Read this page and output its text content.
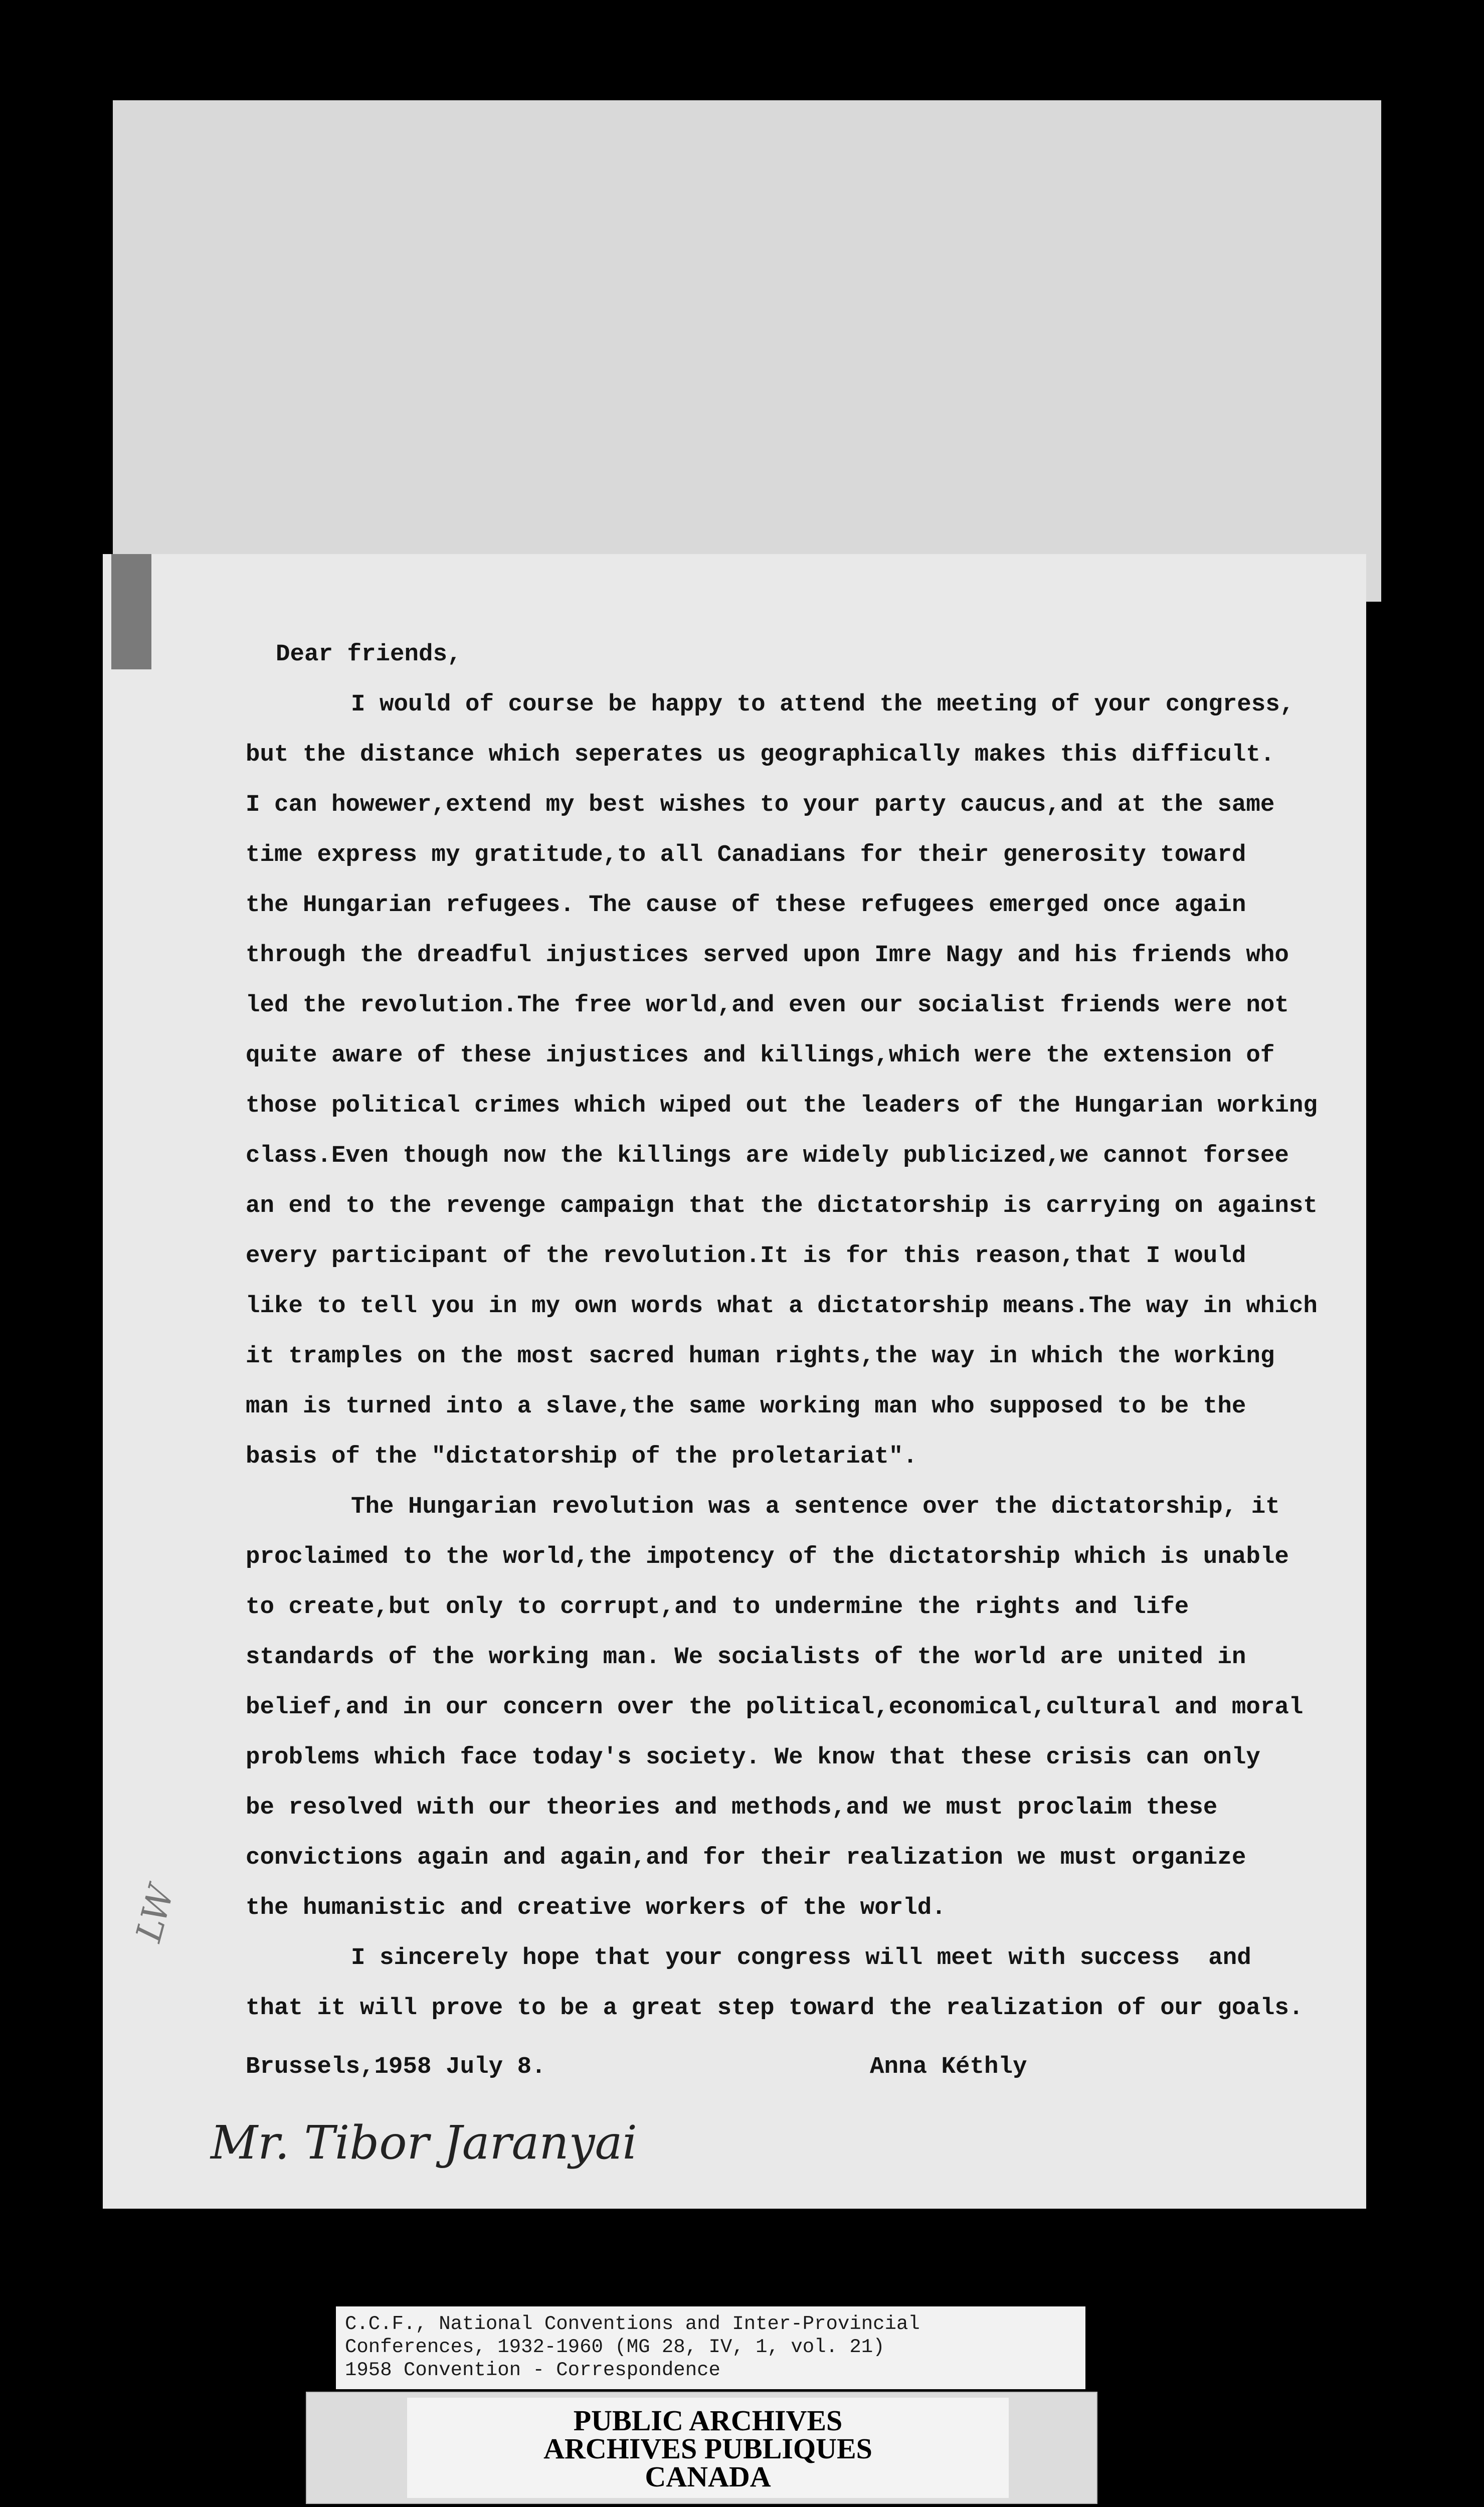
Dear friends,
I would of course be happy to attend the meeting of your congress,
but the distance which seperates us geographically makes this difficult.
I can howewer,extend my best wishes to your party caucus,and at the same
time express my gratitude,to all Canadians for their generosity toward
the Hungarian refugees. The cause of these refugees emerged once again
through the dreadful injustices served upon Imre Nagy and his friends who
led the revolution.The free world,and even our socialist friends were not
quite aware of these injustices and killings,which were the extension of
those political crimes which wiped out the leaders of the Hungarian working
class.Even though now the killings are widely publicized,we cannot forsee
an end to the revenge campaign that the dictatorship is carrying on against
every participant of the revolution.It is for this reason,that I would
like to tell you in my own words what a dictatorship means.The way in which
it tramples on the most sacred human rights,the way in which the working
man is turned into a slave,the same working man who supposed to be the
basis of the "dictatorship of the proletariat".
The Hungarian revolution was a sentence over the dictatorship, it
proclaimed to the world,the impotency of the dictatorship which is unable
to create,but only to corrupt,and to undermine the rights and life
standards of the working man. We socialists of the world are united in
belief,and in our concern over the political,economical,cultural and moral
problems which face today's society. We know that these crisis can only
be resolved with our theories and methods,and we must proclaim these
convictions again and again,and for their realization we must organize
the humanistic and creative workers of the world.
I sincerely hope that your congress will meet with success  and
that it will prove to be a great step toward the realization of our goals.
Brussels,1958 July 8.	Anna Kéthly
Mr. Tibor Jaranyai
LW
C.C.F., National Conventions and Inter-Provincial
Conferences, 1932-1960 (MG 28, IV, 1, vol. 21)
1958 Convention - Correspondence
PUBLIC ARCHIVES
ARCHIVES PUBLIQUES
CANADA
